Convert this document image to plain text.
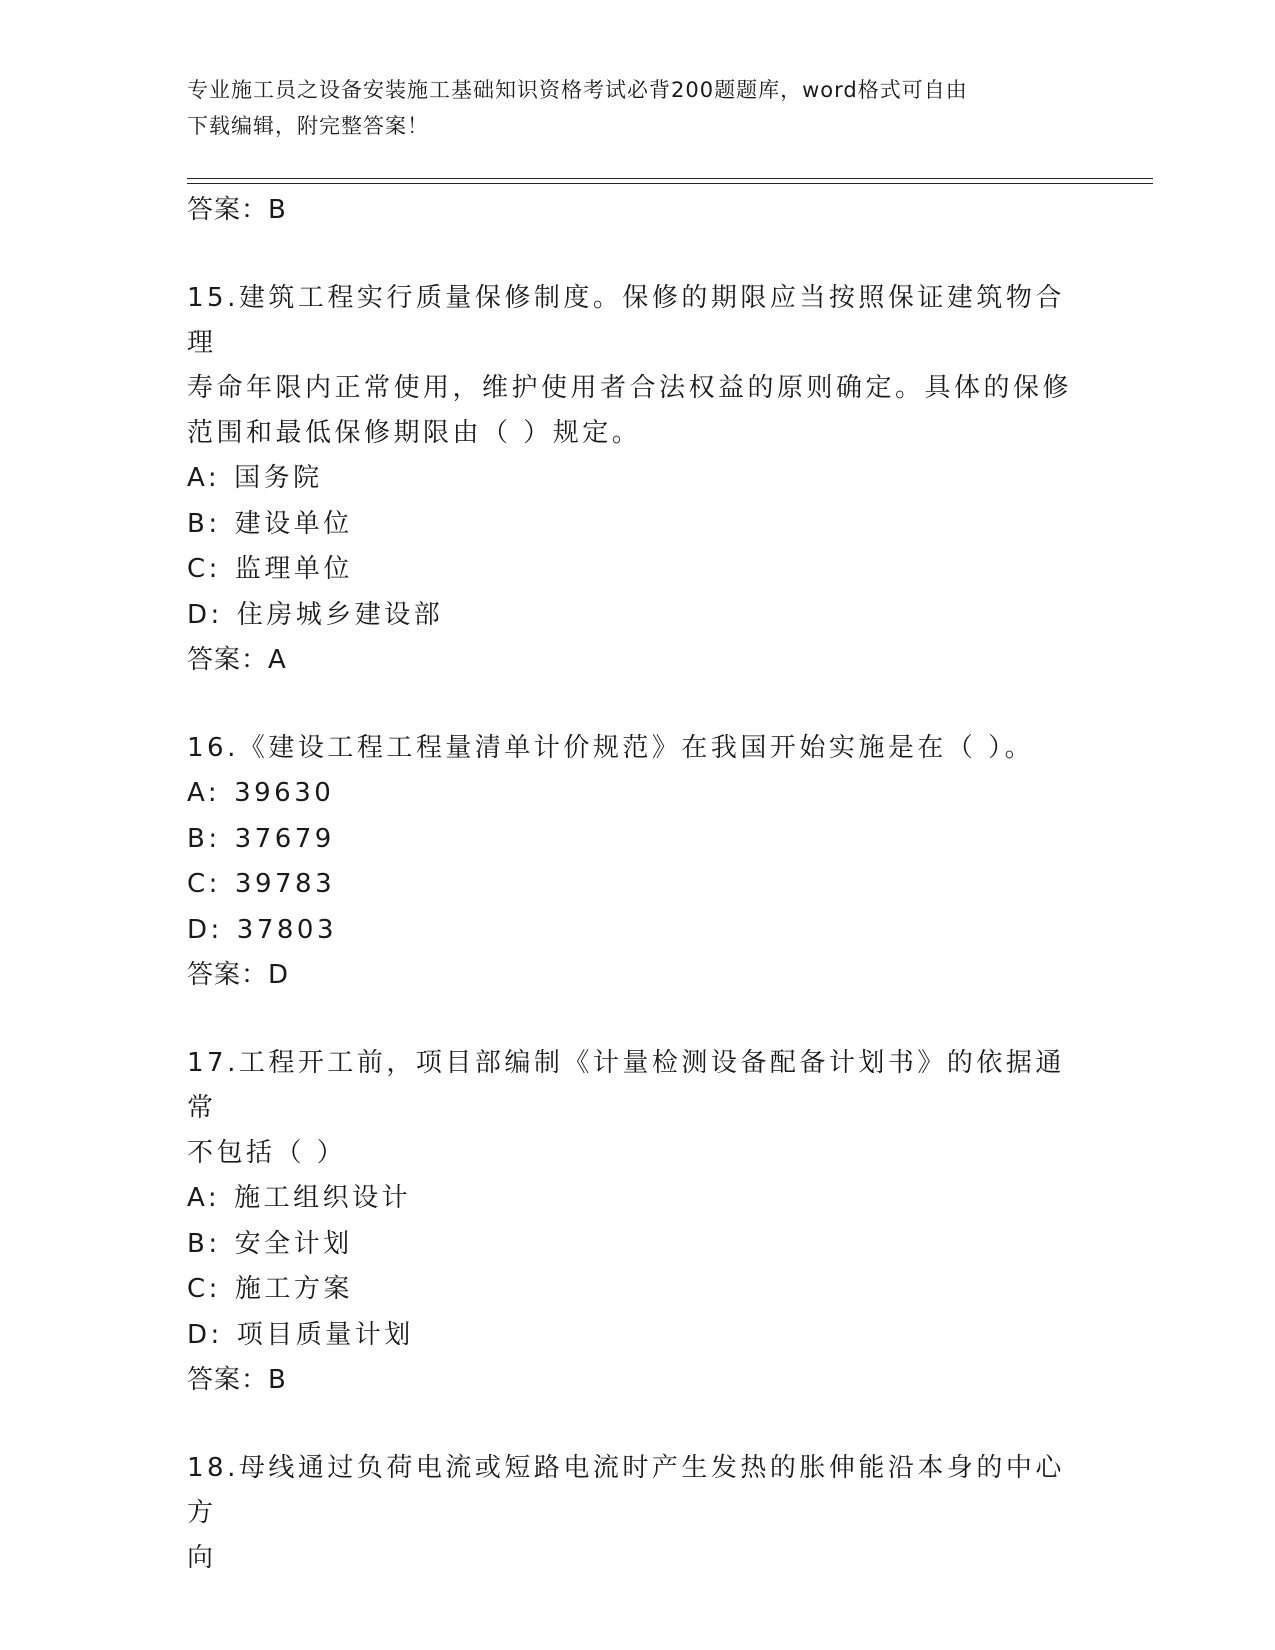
专业施工员之设备安装施工基础知识资格考试必背200题题库，word格式可自由
下载编辑，附完整答案！

答案：B

15.建筑工程实行质量保修制度。保修的期限应当按照保证建筑物合理

寿命年限内正常使用，维护使用者合法权益的原则确定。具体的保修

范围和最低保修期限由（ ）规定。

A: 国务院

B: 建设单位

C: 监理单位

D: 住房城乡建设部

答案：A

16.《建设工程工程量清单计价规范》在我国开始实施是在（ ）。

A: 39630

B: 37679

C: 39783

D: 37803

答案：D

17.工程开工前，项目部编制《计量检测设备配备计划书》的依据通常

不包括（ ）

A: 施工组织设计

B: 安全计划

C: 施工方案

D: 项目质量计划

答案：B

18.母线通过负荷电流或短路电流时产生发热的胀伸能沿本身的中心方

向
